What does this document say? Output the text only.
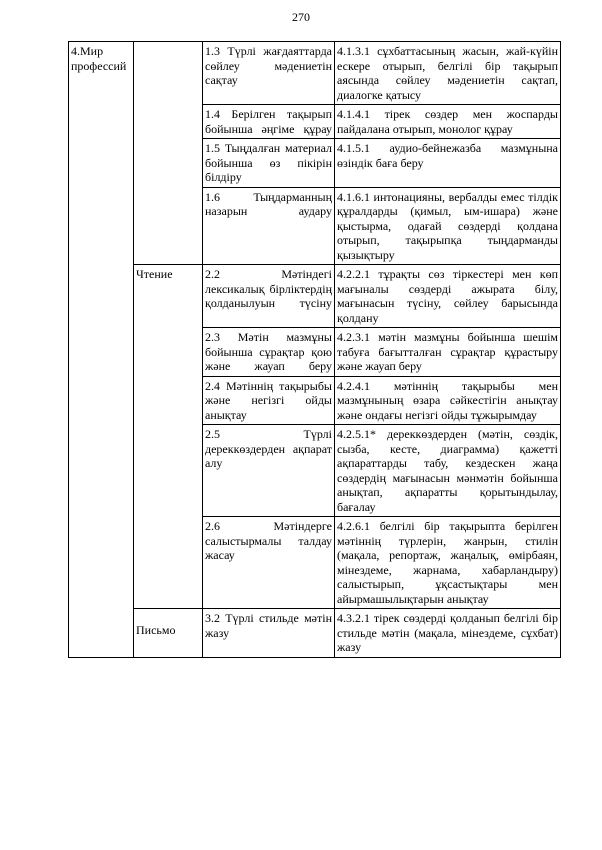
270
4.Мир профессий		1.3 Түрлі жағдаяттарда сөйлеу мәдениетін сақтау	4.1.3.1 сұхбаттасының жасын, жай-күйін ескере отырып, белгілі бір тақырып аясында сөйлеу мәдениетін сақтап, диалогке қатысу

		1.4 Берілген тақырып бойынша әңгіме құрау	4.1.4.1 тірек сөздер мен жоспарды пайдалана отырып, монолог құрау

		1.5 Тыңдалған материал бойынша өз пікірін білдіру	4.1.5.1 аудио-бейнежазба мазмұнына өзіндік баға беру

		1.6 Тыңдарманның назарын аудару	4.1.6.1 интонацияны, вербалды емес тілдік құралдарды (қимыл, ым-ишара) және қыстырма, одағай сөздерді қолдана отырып, тақырыпқа тыңдарманды қызықтыру

	Чтение	2.2 Мәтіндегі лексикалық бірліктердің қолданылуын түсіну	4.2.2.1 тұрақты сөз тіркестері мен көп мағыналы сөздерді ажырата білу, мағынасын түсіну, сөйлеу барысында қолдану

		2.3 Мәтін мазмұны бойынша сұрақтар қою және жауап беру	4.2.3.1 мәтін мазмұны бойынша шешім табуға бағытталған сұрақтар құрастыру және жауап беру

		2.4 Мәтіннің тақырыбы және негізгі ойды анықтау	4.2.4.1 мәтіннің тақырыбы мен мазмұнының өзара сәйкестігін анықтау және ондағы негізгі ойды тұжырымдау

		2.5 Түрлі дереккөздерден ақпарат алу	4.2.5.1* дереккөздерден (мәтін, сөздік, сызба, кесте, диаграмма) қажетті ақпараттарды табу, кездескен жаңа сөздердің мағынасын мәнмәтін бойынша анықтап, ақпаратты қорытындылау, бағалау

		2.6 Мәтіндерге салыстырмалы талдау жасау	4.2.6.1 белгілі бір тақырыпта берілген мәтіннің түрлерін, жанрын, стилін (мақала, репортаж, жаңалық, өмірбаян, мінездеме, жарнама, хабарландыру) салыстырып, ұқсастықтары мен айырмашылықтарын анықтау

	Письмо	3.2 Түрлі стильде мәтін жазу	4.3.2.1 тірек сөздерді қолданып белгілі бір стильде мәтін (мақала, мінездеме, сұхбат) жазу
